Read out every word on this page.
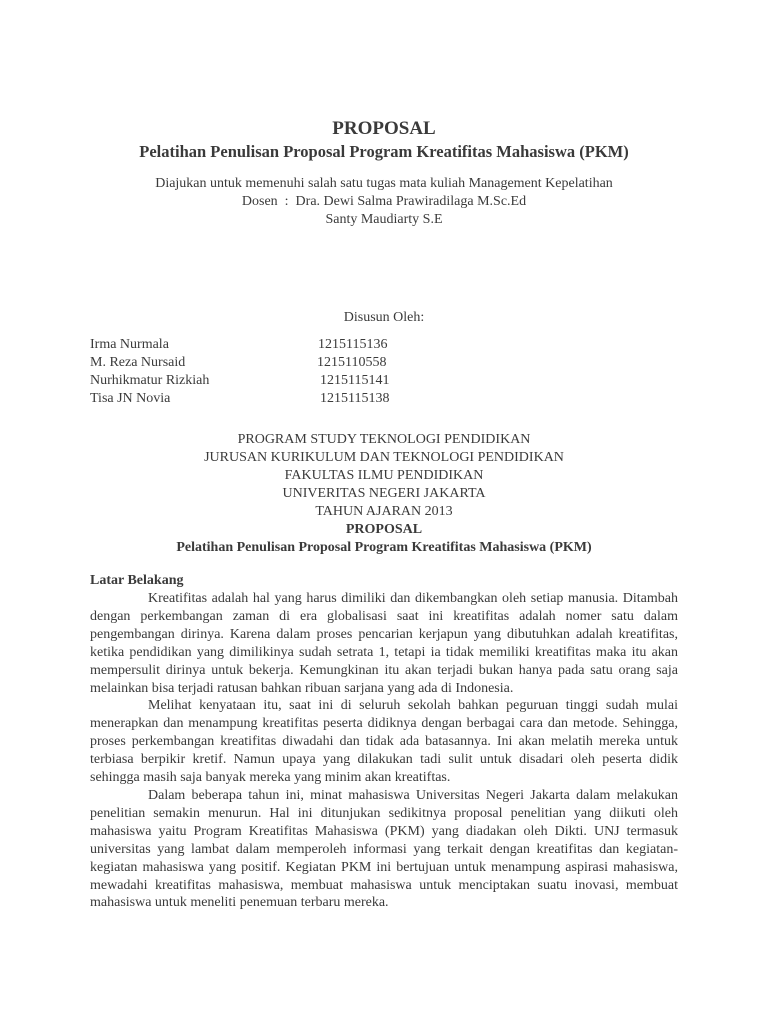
PROPOSAL
Pelatihan Penulisan Proposal Program Kreatifitas Mahasiswa (PKM)
Diajukan untuk memenuhi salah satu tugas mata kuliah Management Kepelatihan
Dosen  :  Dra. Dewi Salma Prawiradilaga M.Sc.Ed
Santy Maudiarty S.E
Disusun Oleh:
Irma Nurmala	1215115136
M. Reza Nursaid	1215110558
Nurhikmatur Rizkiah	1215115141
Tisa JN Novia	1215115138
PROGRAM STUDY TEKNOLOGI PENDIDIKAN
JURUSAN KURIKULUM DAN TEKNOLOGI PENDIDIKAN
FAKULTAS ILMU PENDIDIKAN
UNIVERITAS NEGERI JAKARTA
TAHUN AJARAN 2013
PROPOSAL
Pelatihan Penulisan Proposal Program Kreatifitas Mahasiswa (PKM)
Latar Belakang

Kreatifitas adalah hal yang harus dimiliki dan dikembangkan oleh setiap manusia. Ditambah dengan perkembangan zaman di era globalisasi saat ini kreatifitas adalah nomer satu dalam pengembangan dirinya. Karena dalam proses pencarian kerjapun yang dibutuhkan adalah kreatifitas, ketika pendidikan yang dimilikinya sudah setrata 1, tetapi ia tidak memiliki kreatifitas maka itu akan mempersulit dirinya untuk bekerja. Kemungkinan itu akan terjadi bukan hanya pada satu orang saja melainkan bisa terjadi ratusan bahkan ribuan sarjana yang ada di Indonesia.

Melihat kenyataan itu, saat ini di seluruh sekolah bahkan peguruan tinggi sudah mulai menerapkan dan menampung kreatifitas peserta didiknya dengan berbagai cara dan metode. Sehingga, proses perkembangan kreatifitas diwadahi dan tidak ada batasannya. Ini akan melatih mereka untuk terbiasa berpikir kretif. Namun upaya yang dilakukan tadi sulit untuk disadari oleh peserta didik sehingga masih saja banyak mereka yang minim akan kreatiftas.

Dalam beberapa tahun ini, minat mahasiswa Universitas Negeri Jakarta dalam melakukan penelitian semakin menurun. Hal ini ditunjukan sedikitnya proposal penelitian yang diikuti oleh mahasiswa yaitu Program Kreatifitas Mahasiswa (PKM) yang diadakan oleh Dikti. UNJ termasuk universitas yang lambat dalam memperoleh informasi yang terkait dengan kreatifitas dan kegiatan-kegiatan mahasiswa yang positif. Kegiatan PKM ini bertujuan untuk menampung aspirasi mahasiswa, mewadahi kreatifitas mahasiswa, membuat mahasiswa untuk menciptakan suatu inovasi, membuat mahasiswa untuk meneliti penemuan terbaru mereka.
